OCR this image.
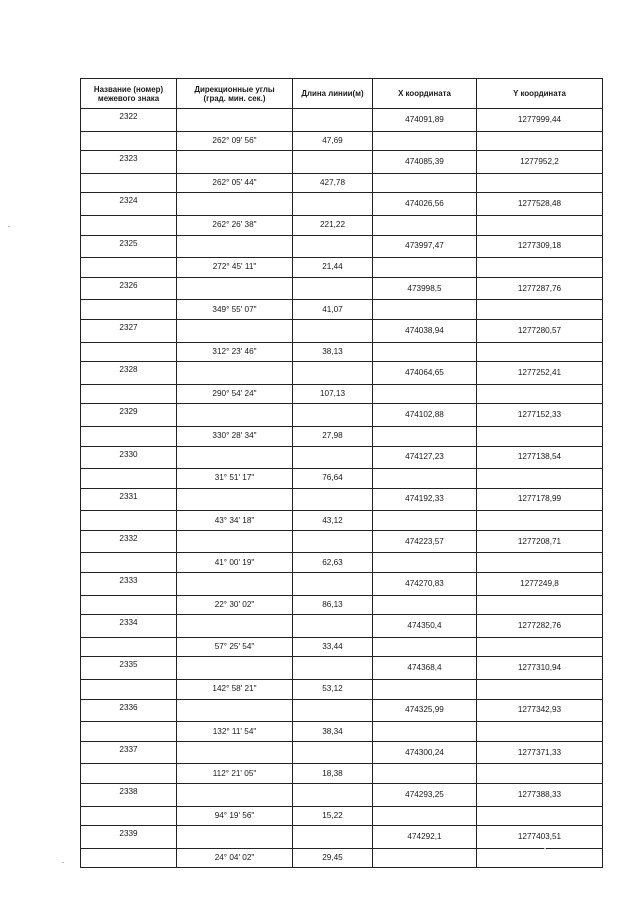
Название (номер)
межевого знака	Дирекционные углы
(град. мин. сек.)	Длина линии(м)	X координата	Y координата
2322			474091,89	1277999,44
	262° 09' 56"	47,69		
2323			474085,39	1277952,2
	262° 05' 44"	427,78		
2324			474026,56	1277528,48
	262° 26' 38"	221,22		
2325			473997,47	1277309,18
	272° 45' 11"	21,44		
2326			473998,5	1277287,76
	349° 55' 07"	41,07		
2327			474038,94	1277280,57
	312° 23' 46"	38,13		
2328			474064,65	1277252,41
	290° 54' 24"	107,13		
2329			474102,88	1277152,33
	330° 28' 34"	27,98		
2330			474127,23	1277138,54
	31° 51' 17"	76,64		
2331			474192,33	1277178,99
	43° 34' 18"	43,12		
2332			474223,57	1277208,71
	41° 00' 19"	62,63		
2333			474270,83	1277249,8
	22° 30' 02"	86,13		
2334			474350,4	1277282,76
	57° 25' 54"	33,44		
2335			474368,4	1277310,94
	142° 58' 21"	53,12		
2336			474325,99	1277342,93
	132° 11' 54"	38,34		
2337			474300,24	1277371,33
	112° 21' 05"	18,38		
2338			474293,25	1277388,33
	94° 19' 56"	15,22		
2339			474292,1	1277403,51
	24° 04' 02"	29,45		
